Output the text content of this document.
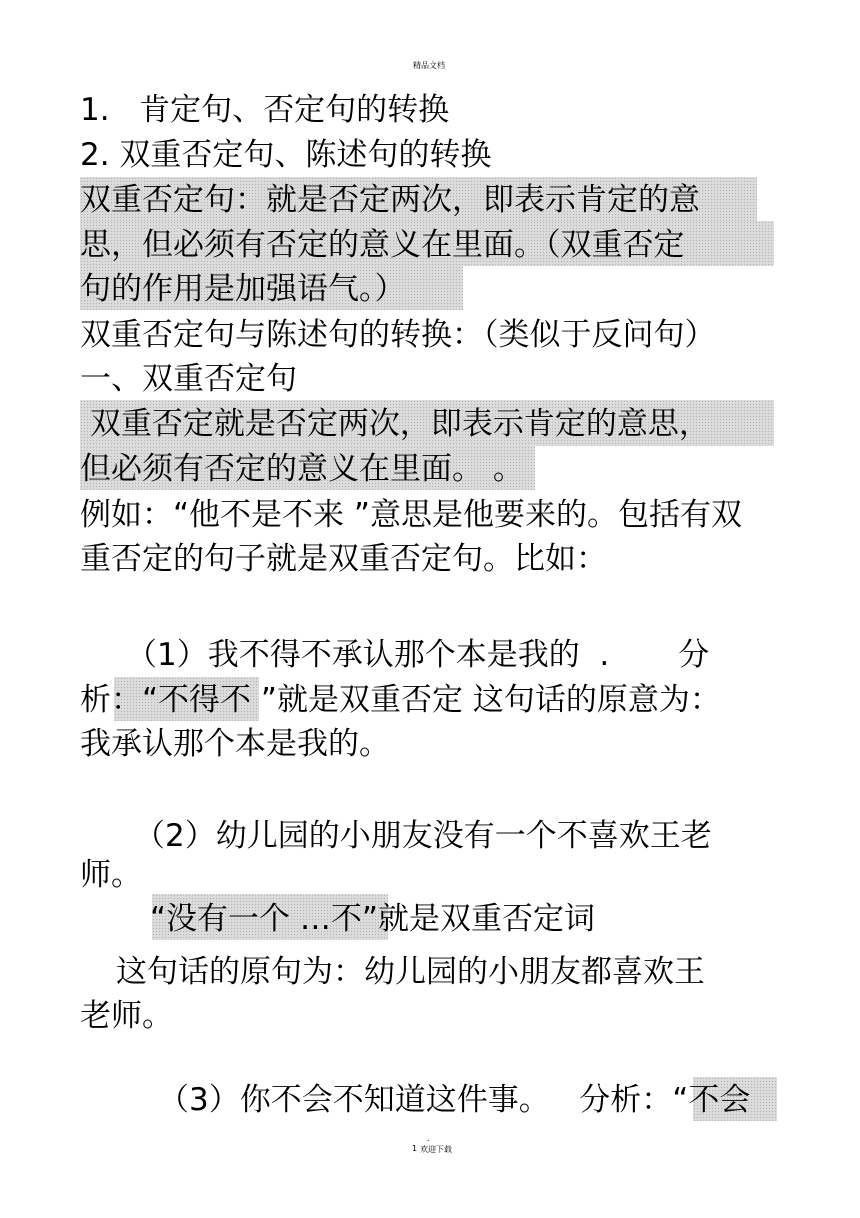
精品文档

1.   肯定句、否定句的转换

2. 双重否定句、陈述句的转换

双重否定句：就是否定两次，即表示肯定的意

思，但必须有否定的意义在里面。（双重否定

句的作用是加强语气。）

双重否定句与陈述句的转换：（类似于反问句）

一、双重否定句

双重否定就是否定两次，即表示肯定的意思，

但必须有否定的意义在里面。 。

例如：“他不是不来 ”意思是他要来的。包括有双

重否定的句子就是双重否定句。比如：

（1）我不得不承认那个本是我的  .       分

析：“不得不 ”就是双重否定 这句话的原意为：

我承认那个本是我的。

（2）幼儿园的小朋友没有一个不喜欢王老

师。

“没有一个 …不”就是双重否定词

这句话的原句为：幼儿园的小朋友都喜欢王

老师。

（3）你不会不知道这件事。   分析：“不会

.
1 欢迎下载
